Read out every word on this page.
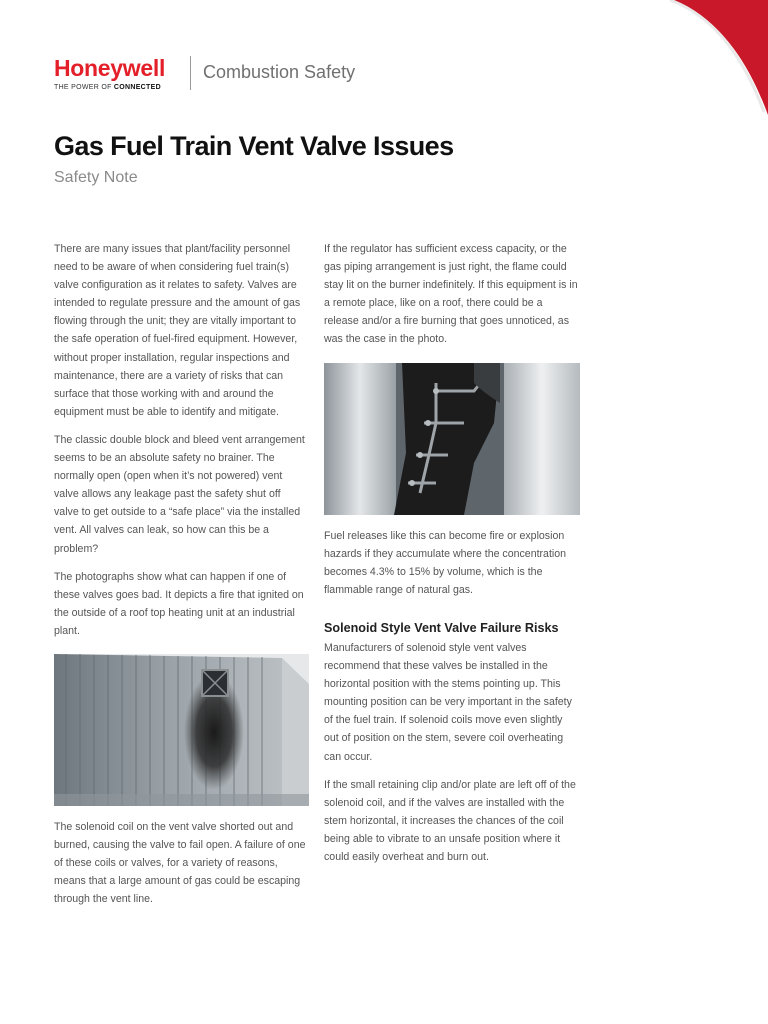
Honeywell
THE POWER OF CONNECTED
Combustion Safety
Gas Fuel Train Vent Valve Issues
Safety Note

There are many issues that plant/facility personnel need to be aware of when considering fuel train(s) valve configuration as it relates to safety. Valves are intended to regulate pressure and the amount of gas flowing through the unit; they are vitally important to the safe operation of fuel-fired equipment. However, without proper installation, regular inspections and maintenance, there are a variety of risks that can surface that those working with and around the equipment must be able to identify and mitigate.

The classic double block and bleed vent arrangement seems to be an absolute safety no brainer. The normally open (open when it’s not powered) vent valve allows any leakage past the safety shut off valve to get outside to a “safe place” via the installed vent. All valves can leak, so how can this be a problem?

The photographs show what can happen if one of these valves goes bad. It depicts a fire that ignited on the outside of a roof top heating unit at an industrial plant.

The solenoid coil on the vent valve shorted out and burned, causing the valve to fail open. A failure of one of these coils or valves, for a variety of reasons, means that a large amount of gas could be escaping through the vent line.

If the regulator has sufficient excess capacity, or the gas piping arrangement is just right, the flame could stay lit on the burner indefinitely. If this equipment is in a remote place, like on a roof, there could be a release and/or a fire burning that goes unnoticed, as was the case in the photo.

Fuel releases like this can become fire or explosion hazards if they accumulate where the concentration becomes 4.3% to 15% by volume, which is the flammable range of natural gas.
Solenoid Style Vent Valve Failure Risks

Manufacturers of solenoid style vent valves recommend that these valves be installed in the horizontal position with the stems pointing up. This mounting position can be very important in the safety of the fuel train. If solenoid coils move even slightly out of position on the stem, severe coil overheating can occur.

If the small retaining clip and/or plate are left off of the solenoid coil, and if the valves are installed with the stem horizontal, it increases the chances of the coil being able to vibrate to an unsafe position where it could easily overheat and burn out.
